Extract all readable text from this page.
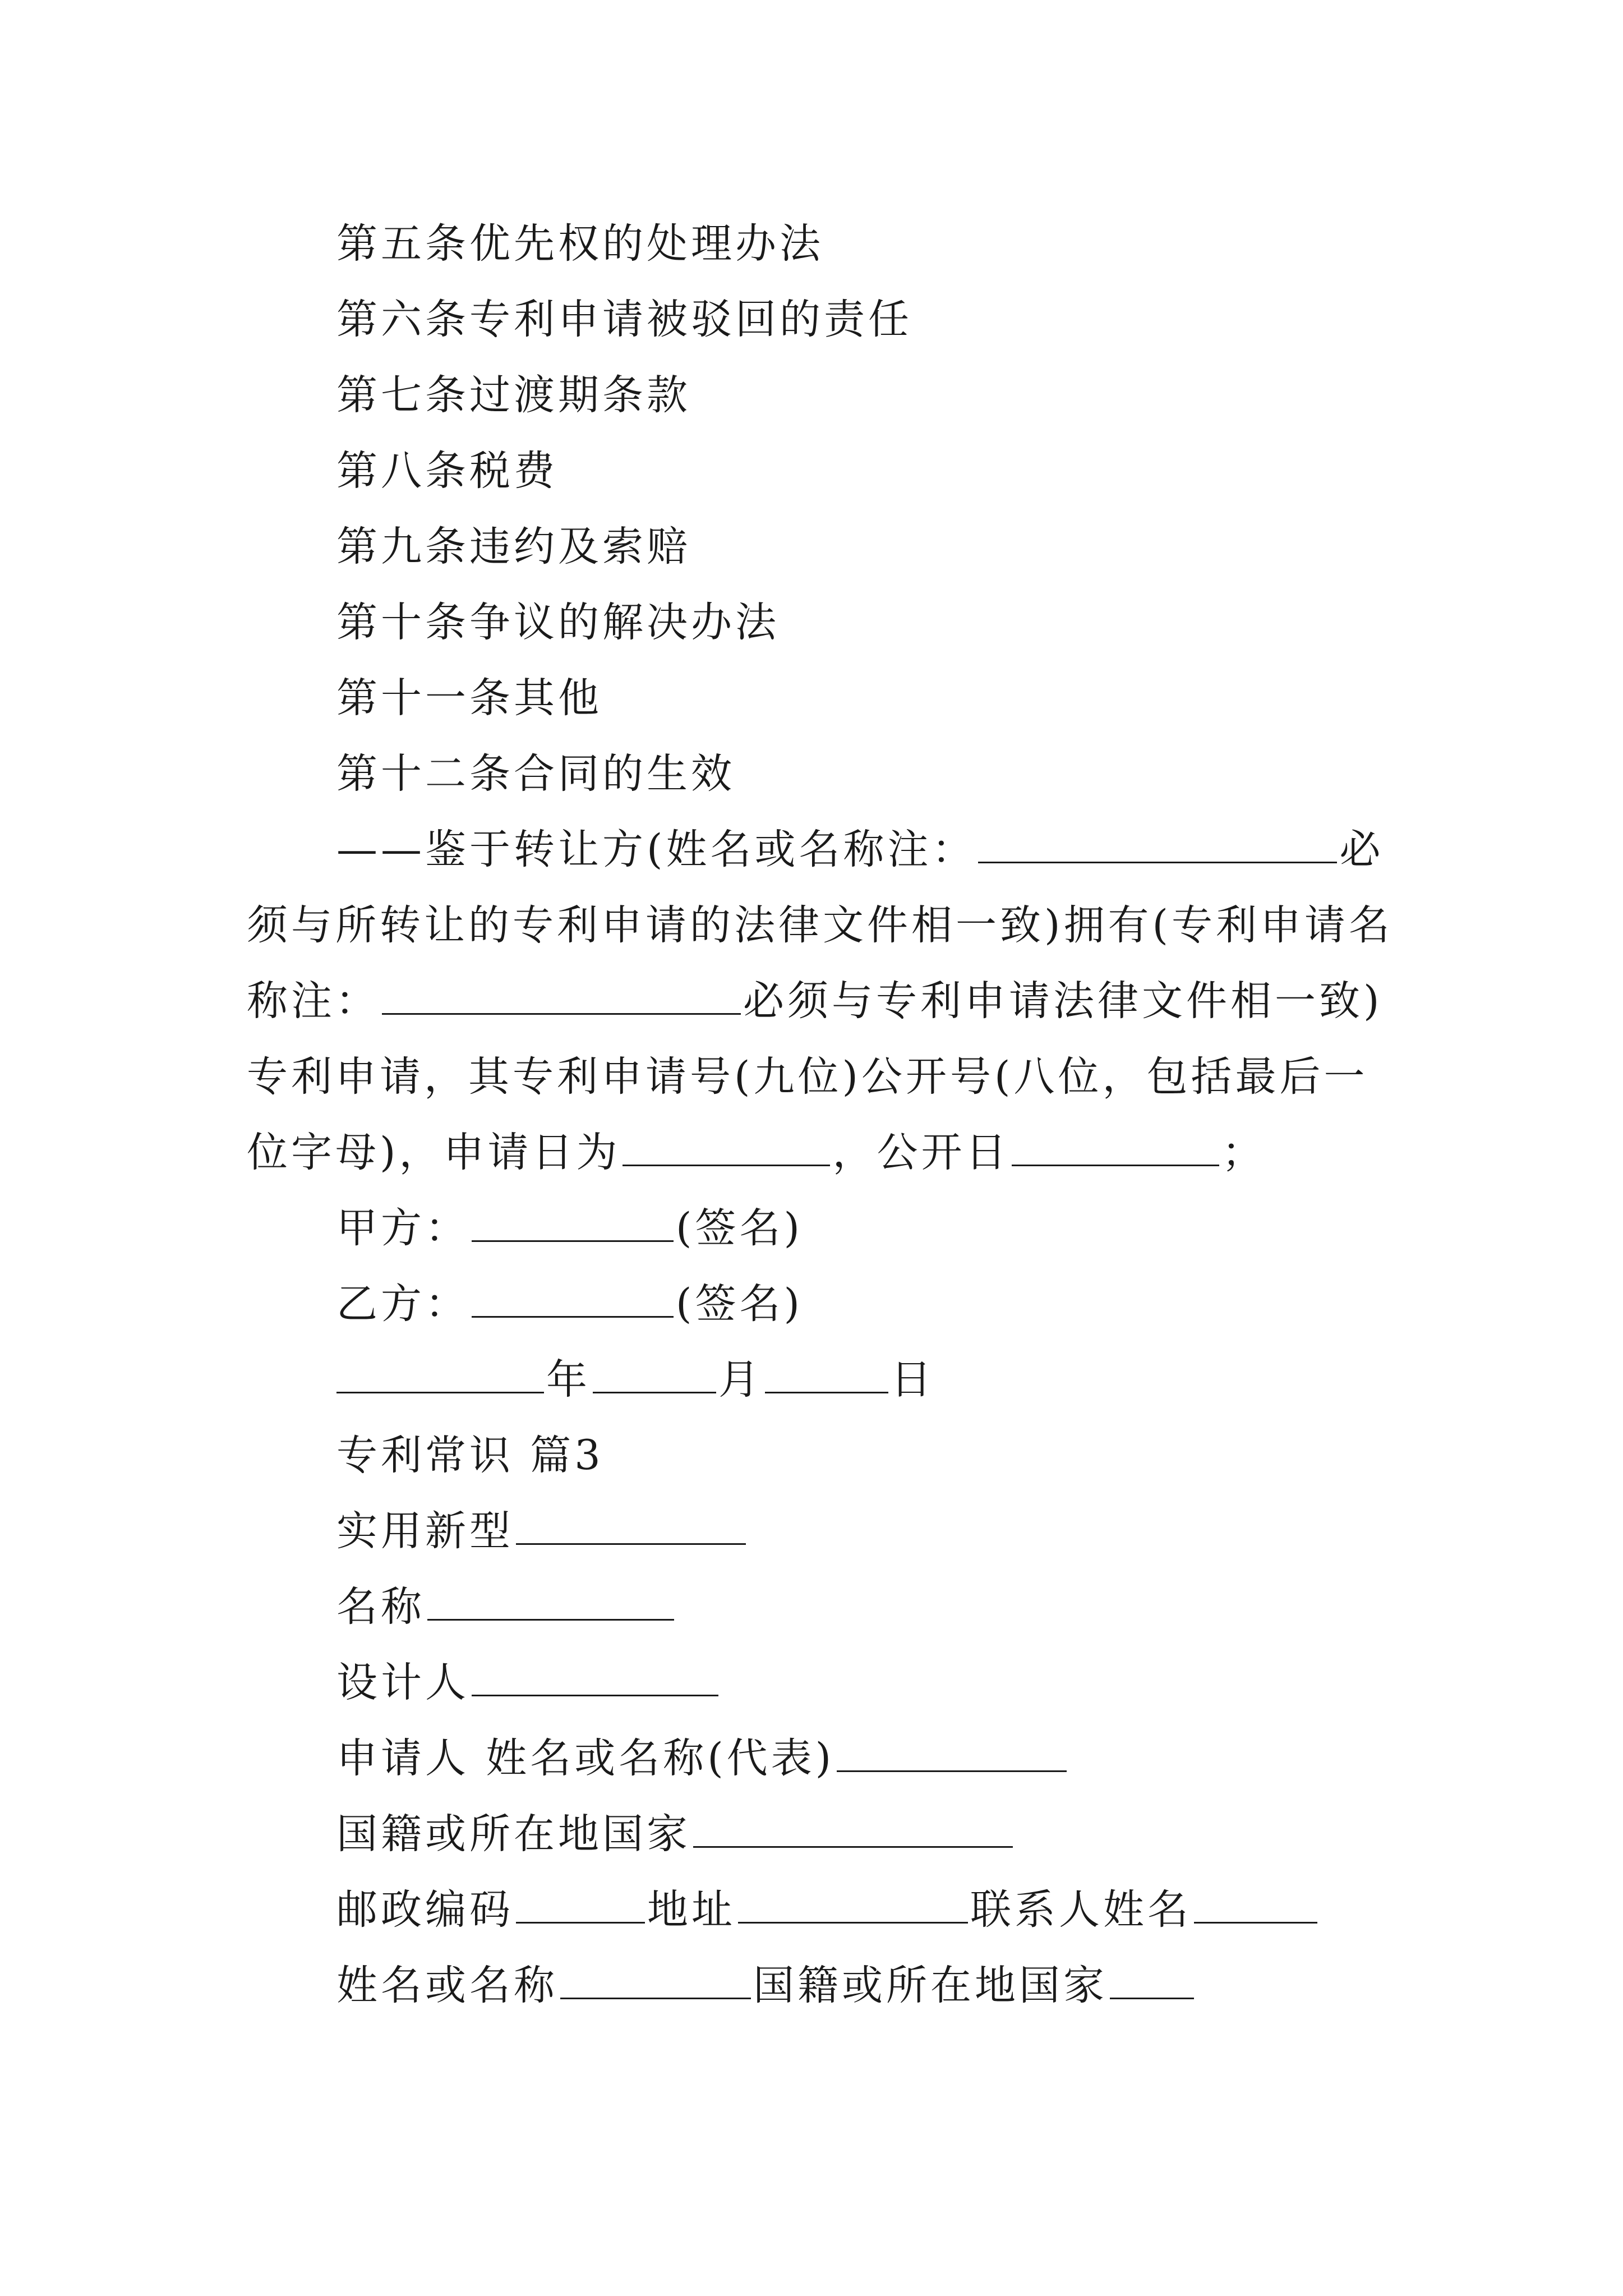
第五条优先权的处理办法
第六条专利申请被驳回的责任
第七条过渡期条款
第八条税费
第九条违约及索赔
第十条争议的解决办法
第十一条其他
第十二条合同的生效
——鉴于转让方(姓名或名称注：	必
须与所转让的专利申请的法律文件相一致)拥有(专利申请名
称注：	必须与专利申请法律文件相一致)
专利申请，其专利申请号(九位)公开号(八位，包括最后一
位字母)，申请日为	，公开日	；
甲方：	(签名)
乙方：	(签名)
年	月	日
专利常识 篇3
实用新型
名称
设计人
申请人 姓名或名称(代表)
国籍或所在地国家
邮政编码	地址	联系人姓名
姓名或名称	国籍或所在地国家
